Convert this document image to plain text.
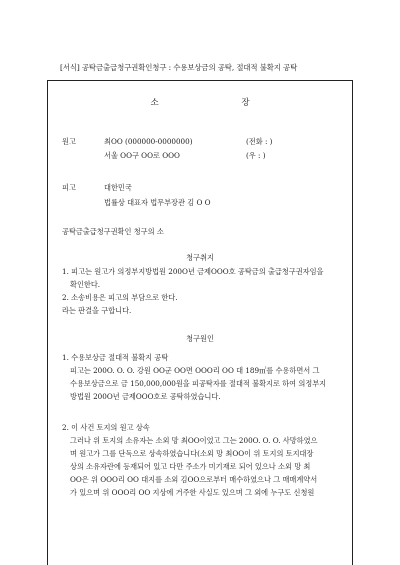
[서식] 공탁금출급청구권확인청구 : 수용보상금의 공탁, 절대적 불확지 공탁
소 장
원고	최OO (000000-0000000)	(전화 : )
서울 OO구 OO로 OOO	(우 : )
피고	대한민국
법률상 대표자 법무부장관 김 O O
공탁금출급청구권확인 청구의 소
청구취지
1. 피고는 원고가 의정부지방법원 200O년 금제OOO호 공탁금의 출급청구권자임을
확인한다.
2. 소송비용은 피고의 부담으로 한다.
라는 판결을 구합니다.
청구원인
1. 수용보상금 절대적 불확지 공탁
피고는 200O. O. O. 강원 OO군 OO면 OOO리 OO 대 189㎡를 수용하면서 그
수용보상금으로 금 150,000,000원을 피공탁자를 절대적 불확지로 하여 의정부지
방법원 200O년 금제OOO호로 공탁하였습니다.
2. 이 사건 토지의 원고 상속
그러나 위 토지의 소유자는 소외 망 최OO이었고 그는 200O. O. O. 사망하였으
며 원고가 그를 단독으로 상속하였습니다(소외 망 최OO이 위 토지의 토지대장
상의 소유자란에 등재되어 있고 다만 주소가 미기재로 되어 있으나 소외 망 최
OO은 위 OOO리 OO 대지를 소외 김OO으로부터 매수하였으나 그 매매계약서
가 있으며 위 OOO리 OO 지상에 거주한 사실도 있으며 그 외에 누구도 신청원
